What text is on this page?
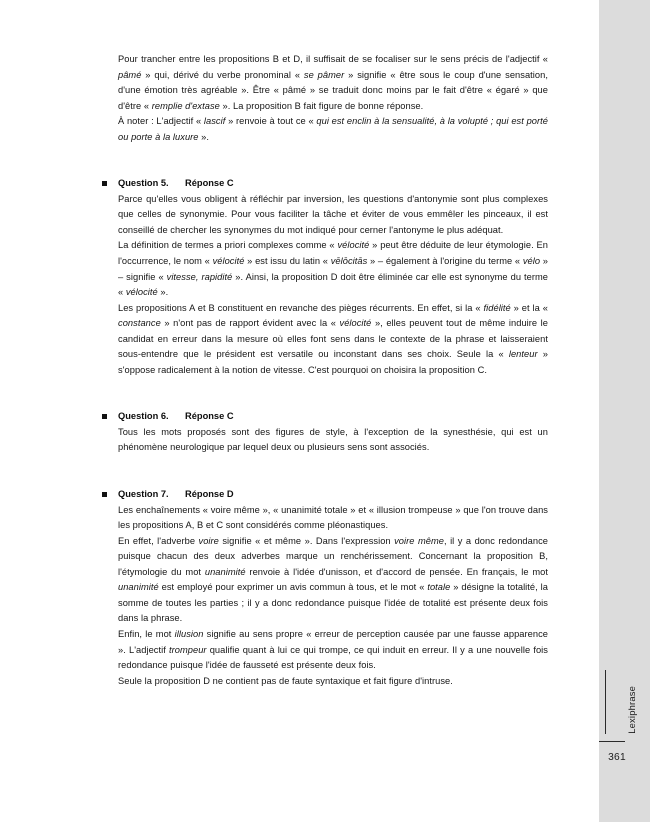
Pour trancher entre les propositions B et D, il suffisait de se focaliser sur le sens précis de l'adjectif « pâmé » qui, dérivé du verbe pronominal « se pâmer » signifie « être sous le coup d'une sensation, d'une émotion très agréable ». Être « pâmé » se traduit donc moins par le fait d'être « égaré » que d'être « remplie d'extase ». La proposition B fait figure de bonne réponse.

À noter : L'adjectif « lascif » renvoie à tout ce « qui est enclin à la sensualité, à la volupté ; qui est porté ou porte à la luxure ».

Question 5.	Réponse C

Parce qu'elles vous obligent à réfléchir par inversion, les questions d'antonymie sont plus complexes que celles de synonymie. Pour vous faciliter la tâche et éviter de vous emmêler les pinceaux, il est conseillé de chercher les synonymes du mot indiqué pour cerner l'antonyme le plus adéquat.

La définition de termes a priori complexes comme « vélocité » peut être déduite de leur étymologie. En l'occurrence, le nom « vélocité » est issu du latin « vēlōcitās » – également à l'origine du terme « vélo » – signifie « vitesse, rapidité ». Ainsi, la proposition D doit être éliminée car elle est synonyme du terme « vélocité ».

Les propositions A et B constituent en revanche des pièges récurrents. En effet, si la « fidélité » et la « constance » n'ont pas de rapport évident avec la « vélocité », elles peuvent tout de même induire le candidat en erreur dans la mesure où elles font sens dans le contexte de la phrase et laisseraient sous-entendre que le président est versatile ou inconstant dans ses choix. Seule la « lenteur » s'oppose radicalement à la notion de vitesse. C'est pourquoi on choisira la proposition C.

Question 6.	Réponse C

Tous les mots proposés sont des figures de style, à l'exception de la synesthésie, qui est un phénomène neurologique par lequel deux ou plusieurs sens sont associés.

Question 7.	Réponse D

Les enchaînements « voire même », « unanimité totale » et « illusion trompeuse » que l'on trouve dans les propositions A, B et C sont considérés comme pléonastiques.

En effet, l'adverbe voire signifie « et même ». Dans l'expression voire même, il y a donc redondance puisque chacun des deux adverbes marque un renchérissement. Concernant la proposition B, l'étymologie du mot unanimité renvoie à l'idée d'unisson, et d'accord de pensée. En français, le mot unanimité est employé pour exprimer un avis commun à tous, et le mot « totale » désigne la totalité, la somme de toutes les parties ; il y a donc redondance puisque l'idée de totalité est présente deux fois dans la phrase.

Enfin, le mot illusion signifie au sens propre « erreur de perception causée par une fausse apparence ». L'adjectif trompeur qualifie quant à lui ce qui trompe, ce qui induit en erreur. Il y a une nouvelle fois redondance puisque l'idée de fausseté est présente deux fois.

Seule la proposition D ne contient pas de faute syntaxique et fait figure d'intruse.

Lexiphrase
361
